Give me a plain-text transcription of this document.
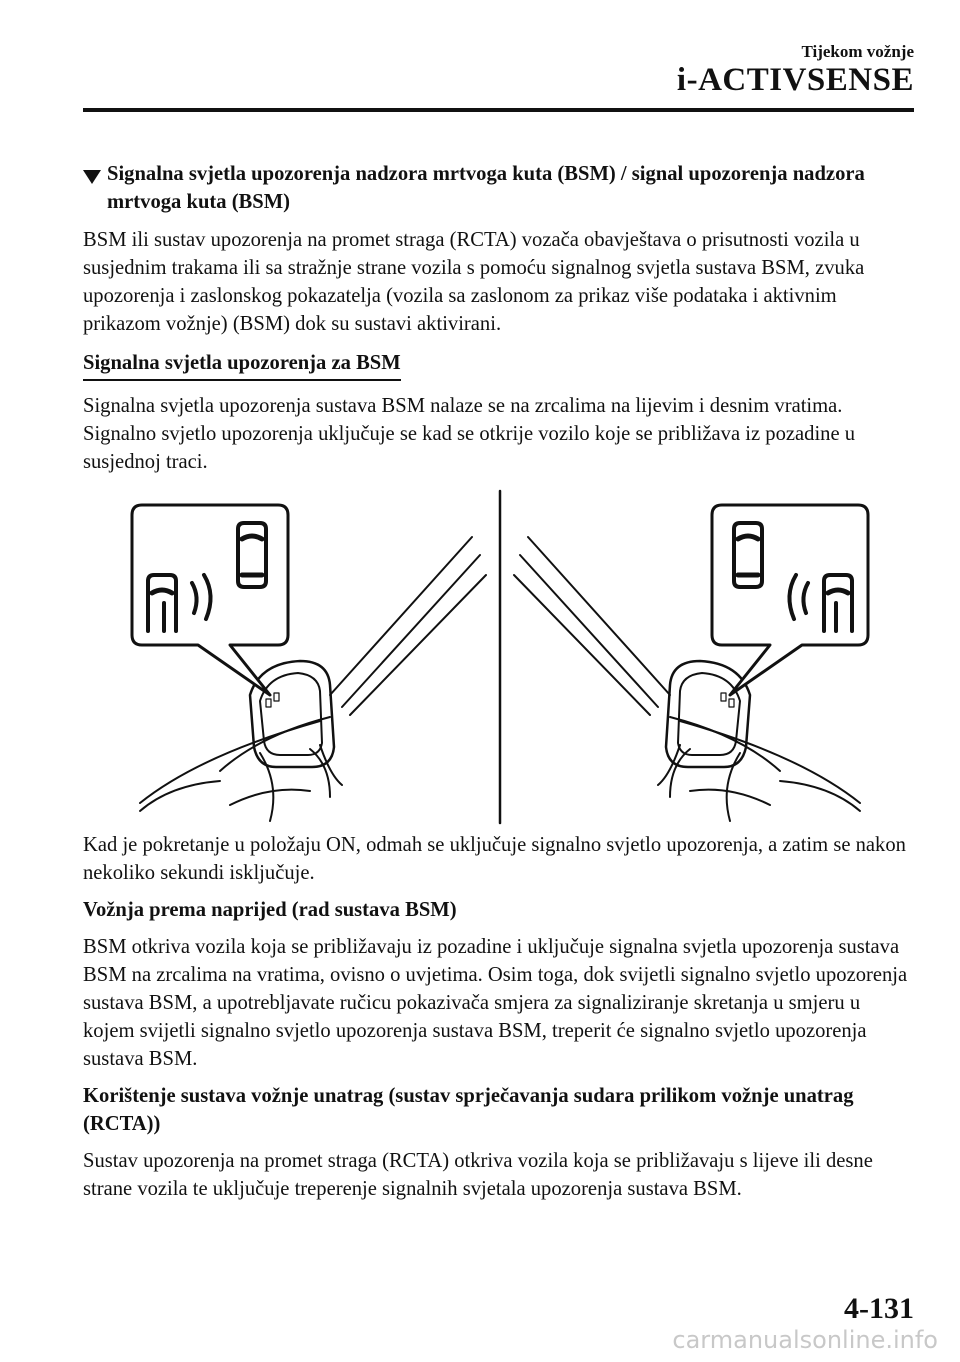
Tijekom vožnje
i-ACTIVSENSE
Signalna svjetla upozorenja nadzora mrtvoga kuta (BSM) / signal upozorenja nadzora mrtvoga kuta (BSM)

BSM ili sustav upozorenja na promet straga (RCTA) vozača obavještava o prisutnosti vozila u susjednim trakama ili sa stražnje strane vozila s pomoću signalnog svjetla sustava BSM, zvuka upozorenja i zaslonskog pokazatelja (vozila sa zaslonom za prikaz više podataka i aktivnim prikazom vožnje) (BSM) dok su sustavi aktivirani.

Signalna svjetla upozorenja za BSM

Signalna svjetla upozorenja sustava BSM nalaze se na zrcalima na lijevim i desnim vratima. Signalno svjetlo upozorenja uključuje se kad se otkrije vozilo koje se približava iz pozadine u susjednoj traci.

Kad je pokretanje u položaju ON, odmah se uključuje signalno svjetlo upozorenja, a zatim se nakon nekoliko sekundi isključuje.

Vožnja prema naprijed (rad sustava BSM)

BSM otkriva vozila koja se približavaju iz pozadine i uključuje signalna svjetla upozorenja sustava BSM na zrcalima na vratima, ovisno o uvjetima. Osim toga, dok svijetli signalno svjetlo upozorenja sustava BSM, a upotrebljavate ručicu pokazivača smjera za signaliziranje skretanja u smjeru u kojem svijetli signalno svjetlo upozorenja sustava BSM, treperit će signalno svjetlo upozorenja sustava BSM.

Korištenje sustava vožnje unatrag (sustav sprječavanja sudara prilikom vožnje unatrag (RCTA))

Sustav upozorenja na promet straga (RCTA) otkriva vozila koja se približavaju s lijeve ili desne strane vozila te uključuje treperenje signalnih svjetala upozorenja sustava BSM.

4-131
carmanualsonline.info
